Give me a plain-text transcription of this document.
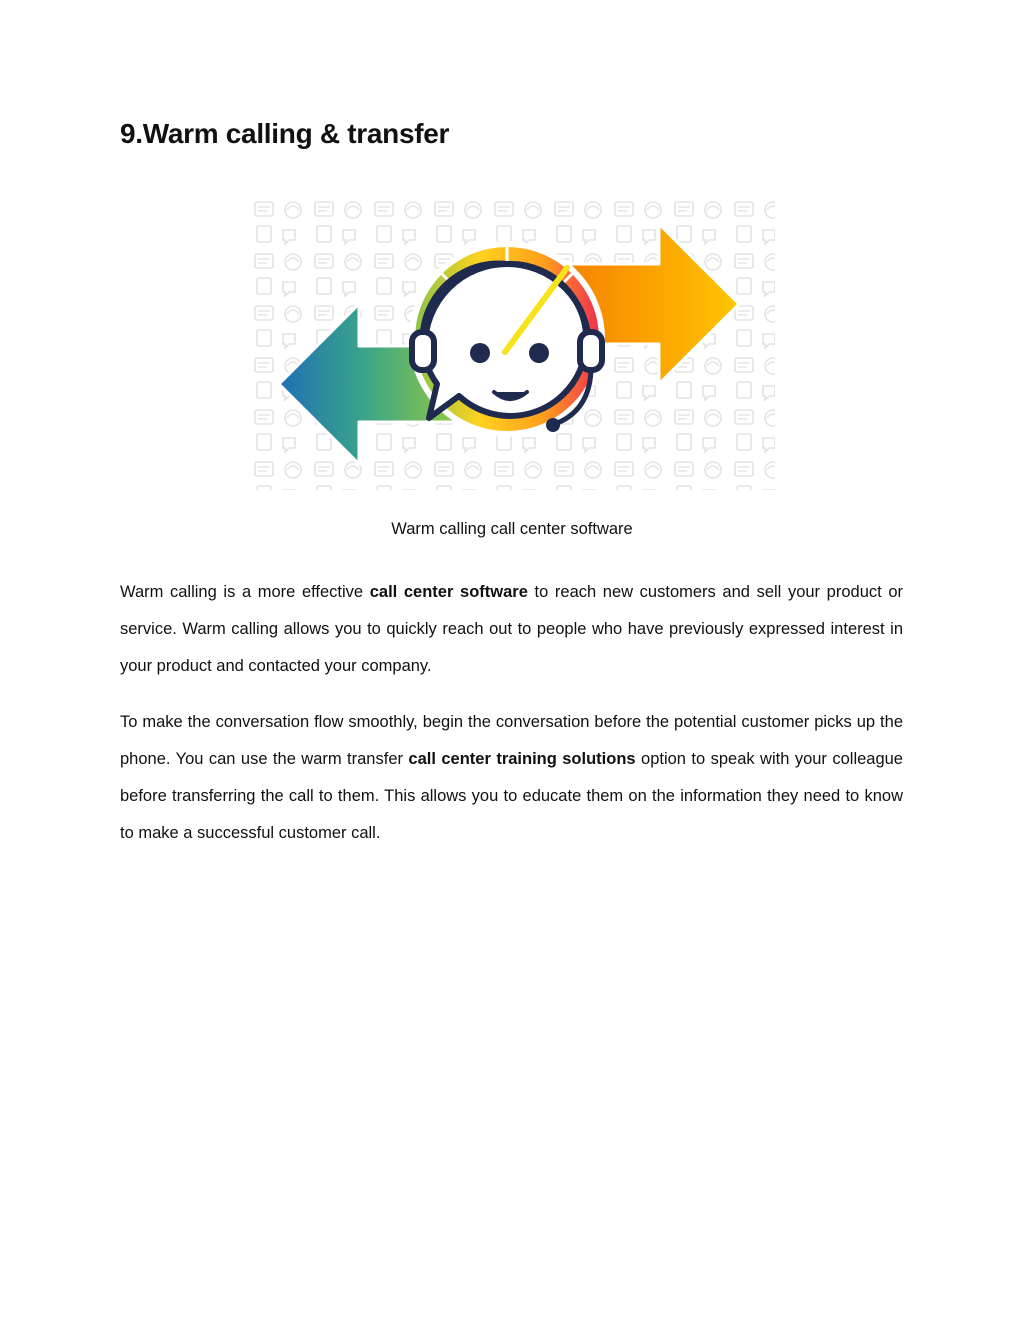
9.Warm calling & transfer
Warm calling call center software

Warm calling is a more effective call center software to reach new customers and sell your product or service. Warm calling allows you to quickly reach out to people who have previously expressed interest in your product and contacted your company.

To make the conversation flow smoothly, begin the conversation before the potential customer picks up the phone. You can use the warm transfer call center training solutions option to speak with your colleague before transferring the call to them. This allows you to educate them on the information they need to know to make a successful customer call.
